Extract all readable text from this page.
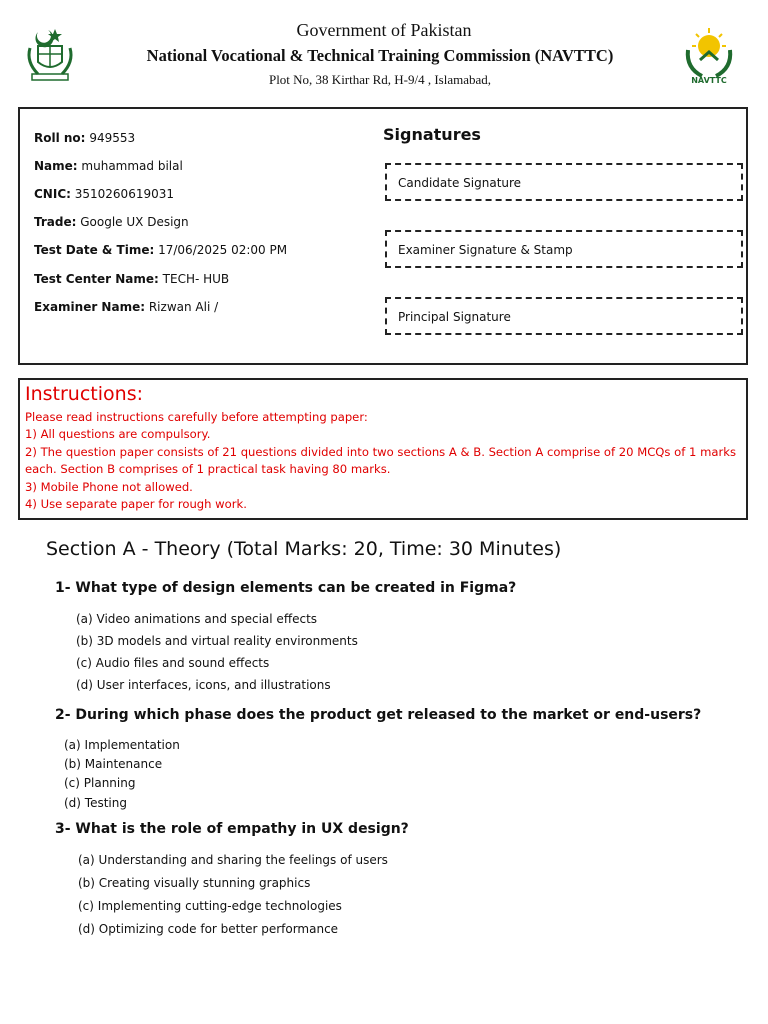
Government of Pakistan
National Vocational & Technical Training Commission (NAVTTC)
Plot No, 38 Kirthar Rd, H-9/4 , Islamabad,	NAVTTC
Roll no: 949553
Name: muhammad bilal
CNIC: 3510260619031
Trade: Google UX Design
Test Date & Time: 17/06/2025 02:00 PM
Test Center Name: TECH- HUB
Examiner Name: Rizwan Ali /
Signatures
Candidate Signature
Examiner Signature & Stamp
Principal Signature
Instructions:
Please read instructions carefully before attempting paper:
1) All questions are compulsory.
2) The question paper consists of 21 questions divided into two sections A & B. Section A comprise of 20 MCQs of 1 marks
each. Section B comprises of 1 practical task having 80 marks.
3) Mobile Phone not allowed.
4) Use separate paper for rough work.
Section A - Theory (Total Marks: 20, Time: 30 Minutes)
1- What type of design elements can be created in Figma?
(a) Video animations and special effects
(b) 3D models and virtual reality environments
(c) Audio files and sound effects
(d) User interfaces, icons, and illustrations
2- During which phase does the product get released to the market or end-users?
(a) Implementation
(b) Maintenance
(c) Planning
(d) Testing
3- What is the role of empathy in UX design?
(a) Understanding and sharing the feelings of users
(b) Creating visually stunning graphics
(c) Implementing cutting-edge technologies
(d) Optimizing code for better performance
